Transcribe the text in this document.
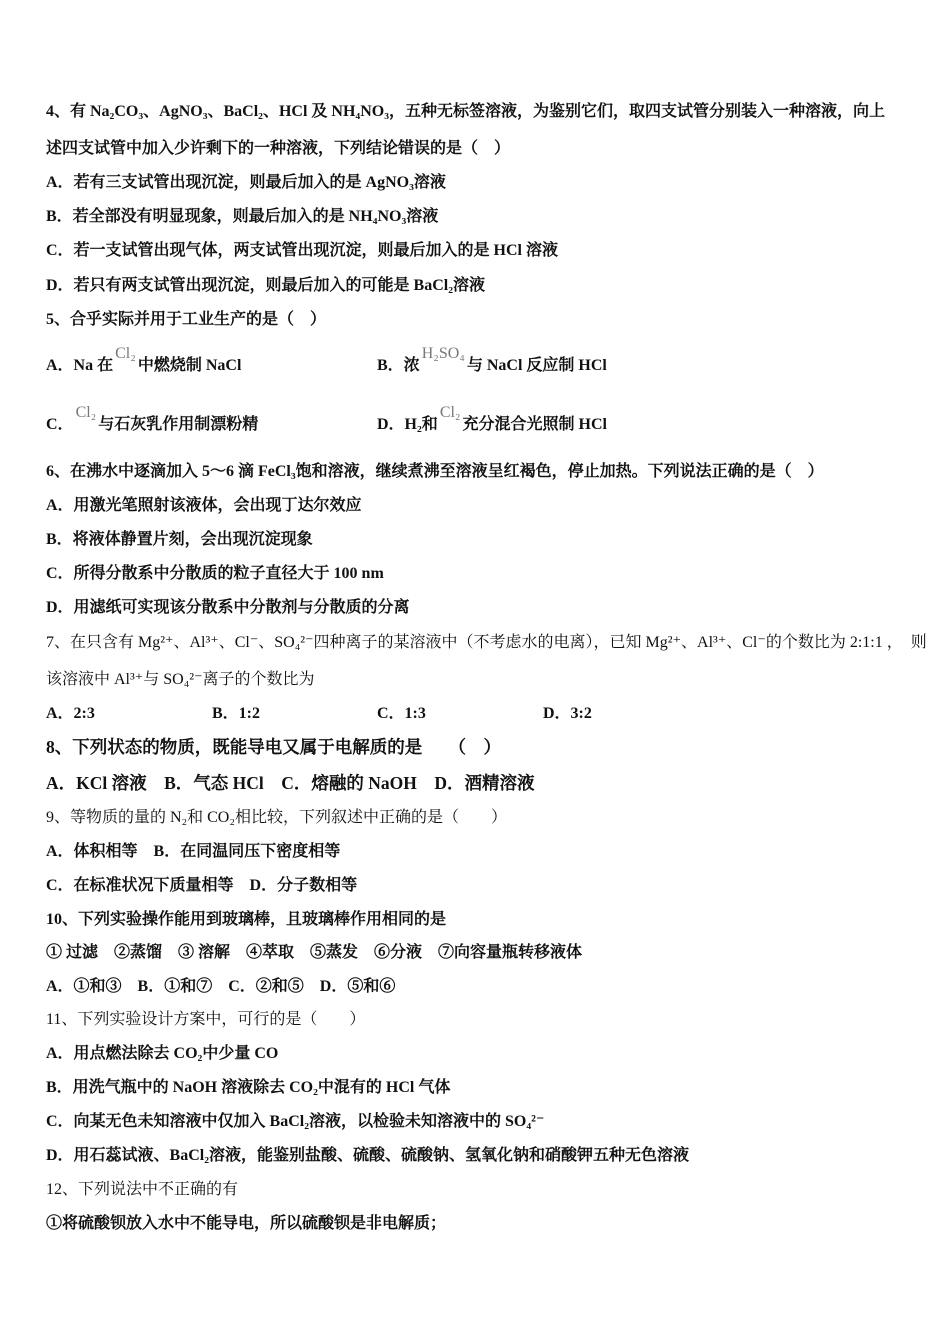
4、有 Na₂CO₃、AgNO₃、BaCl₂、HCl 及 NH₄NO₃，五种无标签溶液，为鉴别它们，取四支试管分别装入一种溶液，向上
述四支试管中加入少许剩下的一种溶液，下列结论错误的是（　）
A．若有三支试管出现沉淀，则最后加入的是 AgNO₃溶液
B．若全部没有明显现象，则最后加入的是 NH₄NO₃溶液
C．若一支试管出现气体，两支试管出现沉淀，则最后加入的是 HCl 溶液
D．若只有两支试管出现沉淀，则最后加入的可能是 BaCl₂溶液
5、合乎实际并用于工业生产的是（　）
A．Na 在Cl₂中燃烧制 NaCl	B．浓H₂SO₄与 NaCl 反应制 HCl
C．Cl₂与石灰乳作用制漂粉精	D．H₂和Cl₂充分混合光照制 HCl
6、在沸水中逐滴加入 5～6 滴 FeCl₃饱和溶液，继续煮沸至溶液呈红褐色，停止加热。下列说法正确的是（　）
A．用激光笔照射该液体，会出现丁达尔效应
B．将液体静置片刻，会出现沉淀现象
C．所得分散系中分散质的粒子直径大于 100 nm
D．用滤纸可实现该分散系中分散剂与分散质的分离
7、在只含有 Mg²⁺、Al³⁺、Cl⁻、SO₄²⁻四种离子的某溶液中（不考虑水的电离），已知 Mg²⁺、Al³⁺、Cl⁻的个数比为 2:1:1 ，　则
该溶液中 Al³⁺与 SO₄²⁻离子的个数比为
A．2:3	B．1:2	C．1:3	D．3:2
8、下列状态的物质，既能导电又属于电解质的是　　（　）
A．KCl 溶液　B．气态 HCl　C．熔融的 NaOH　D．酒精溶液
9、等物质的量的 N₂和 CO₂相比较，下列叙述中正确的是（　　）
A．体积相等　B．在同温同压下密度相等
C．在标准状况下质量相等　D．分子数相等
10、下列实验操作能用到玻璃棒，且玻璃棒作用相同的是
① 过滤　②蒸馏　③ 溶解　④萃取　⑤蒸发　⑥分液　⑦向容量瓶转移液体
A．①和③　B．①和⑦　C．②和⑤　D．⑤和⑥
11、下列实验设计方案中，可行的是（　　）
A．用点燃法除去 CO₂中少量 CO
B．用洗气瓶中的 NaOH 溶液除去 CO₂中混有的 HCl 气体
C．向某无色未知溶液中仅加入 BaCl₂溶液，以检验未知溶液中的 SO₄²⁻
D．用石蕊试液、BaCl₂溶液，能鉴别盐酸、硫酸、硫酸钠、氢氧化钠和硝酸钾五种无色溶液
12、下列说法中不正确的有
①将硫酸钡放入水中不能导电，所以硫酸钡是非电解质；
